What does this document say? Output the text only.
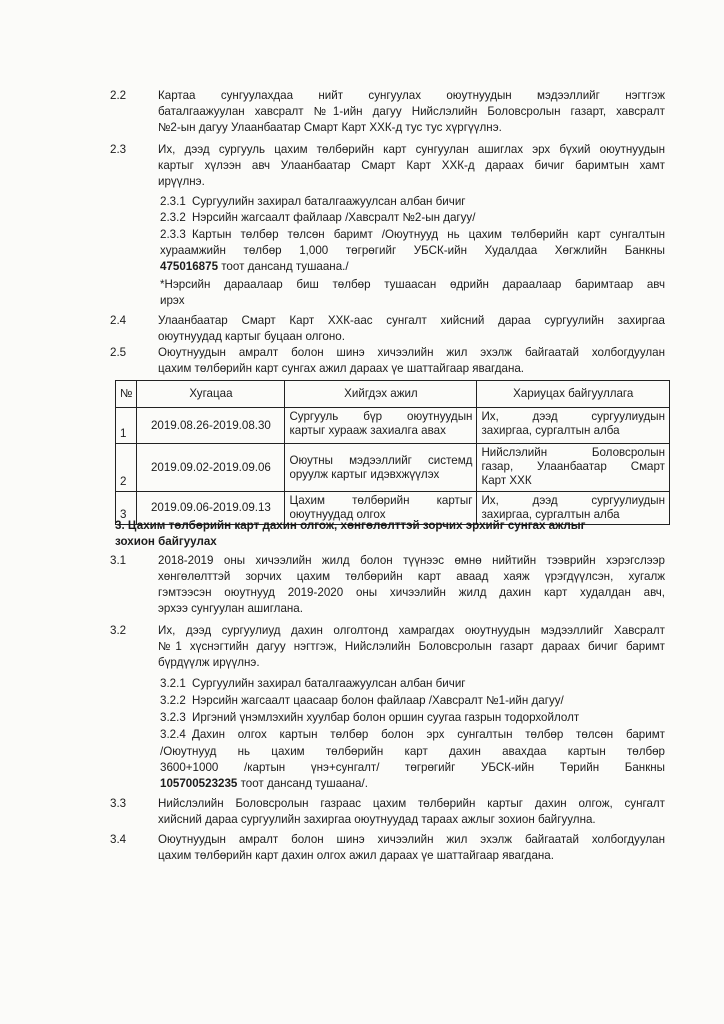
2.2	Картаа сунгуулахдаа нийт сунгуулах оюутнуудын мэдээллийг нэгтгэж
баталгаажуулан хавсралт №1-ийн дагуу Нийслэлийн Боловсролын газарт, хавсралт
№2-ын дагуу Улаанбаатар Смарт Карт ХХК-д тус тус хүргүүлнэ.
2.3	Их, дээд сургууль цахим төлбөрийн карт сунгуулан ашиглах эрх бүхий оюутнуудын
картыг хүлээн авч Улаанбаатар Смарт Карт ХХК-д дараах бичиг баримтын хамт
ирүүлнэ.
2.3.1 Сургуулийн захирал баталгаажуулсан албан бичиг
2.3.2 Нэрсийн жагсаалт файлаар /Хавсралт №2-ын дагуу/
2.3.3 Картын төлбөр төлсөн баримт /Оюутнууд нь цахим төлбөрийн карт сунгалтын
хураамжийн төлбөр 1,000 төгрөгийг УБСК-ийн Худалдаа Хөгжлийн Банкны
475016875 тоот дансанд тушаана./
*Нэрсийн дараалаар биш төлбөр тушаасан өдрийн дараалаар баримтаар авч
ирэх
2.4	Улаанбаатар Смарт Карт ХХК-аас сунгалт хийсний дараа сургуулийн захиргаа
оюутнуудад картыг буцаан олгоно.
2.5	Оюутнуудын амралт болон шинэ хичээлийн жил эхэлж байгаатай холбогдуулан
цахим төлбөрийн карт сунгах ажил дараах үе шаттайгаар явагдана.
№	Хугацаа	Хийгдэх ажил	Хариуцах байгууллага
1	2019.08.26-2019.08.30	Сургууль бүр оюутнуудын
картыг хурааж захиалга авах	Их, дээд сургуулиудын
захиргаа, сургалтын алба

2	2019.09.02-2019.09.06	Оюутны мэдээллийг системд
оруулж картыг идэвхжүүлэх	Нийслэлийн Боловсролын
газар, Улаанбаатар Смарт
Карт ХХК

3	2019.09.06-2019.09.13	Цахим төлбөрийн картыг
оюутнуудад олгох	Их, дээд сургуулиудын
захиргаа, сургалтын алба
3. Цахим төлбөрийн карт дахин олгож, хөнгөлөлттэй зорчих эрхийг сунгах ажлыг
зохион байгуулах
3.1	2018-2019 оны хичээлийн жилд болон түүнээс өмнө нийтийн тээврийн хэрэгслээр
хөнгөлөлттэй зорчих цахим төлбөрийн карт аваад хаяж үрэгдүүлсэн, хугалж
гэмтээсэн оюутнууд 2019-2020 оны хичээлийн жилд дахин карт худалдан авч,
эрхээ сунгуулан ашиглана.
3.2	Их, дээд сургуулиуд дахин олголтонд хамрагдах оюутнуудын мэдээллийг Хавсралт
№1 хүснэгтийн дагуу нэгтгэж, Нийслэлийн Боловсролын газарт дараах бичиг баримт
бүрдүүлж ирүүлнэ.
3.2.1 Сургуулийн захирал баталгаажуулсан албан бичиг
3.2.2 Нэрсийн жагсаалт цаасаар болон файлаар /Хавсралт №1-ийн дагуу/
3.2.3 Иргэний үнэмлэхийн хуулбар болон оршин суугаа газрын тодорхойлолт
3.2.4 Дахин олгох картын төлбөр болон эрх сунгалтын төлбөр төлсөн баримт
/Оюутнууд нь цахим төлбөрийн карт дахин авахдаа картын төлбөр
3600+1000 /картын үнэ+сунгалт/ төгрөгийг УБСК-ийн Төрийн Банкны
105700523235 тоот дансанд тушаана/.
3.3	Нийслэлийн Боловсролын газраас цахим төлбөрийн картыг дахин олгож, сунгалт
хийсний дараа сургуулийн захиргаа оюутнуудад тараах ажлыг зохион байгуулна.
3.4	Оюутнуудын амралт болон шинэ хичээлийн жил эхэлж байгаатай холбогдуулан
цахим төлбөрийн карт дахин олгох ажил дараах үе шаттайгаар явагдана.
